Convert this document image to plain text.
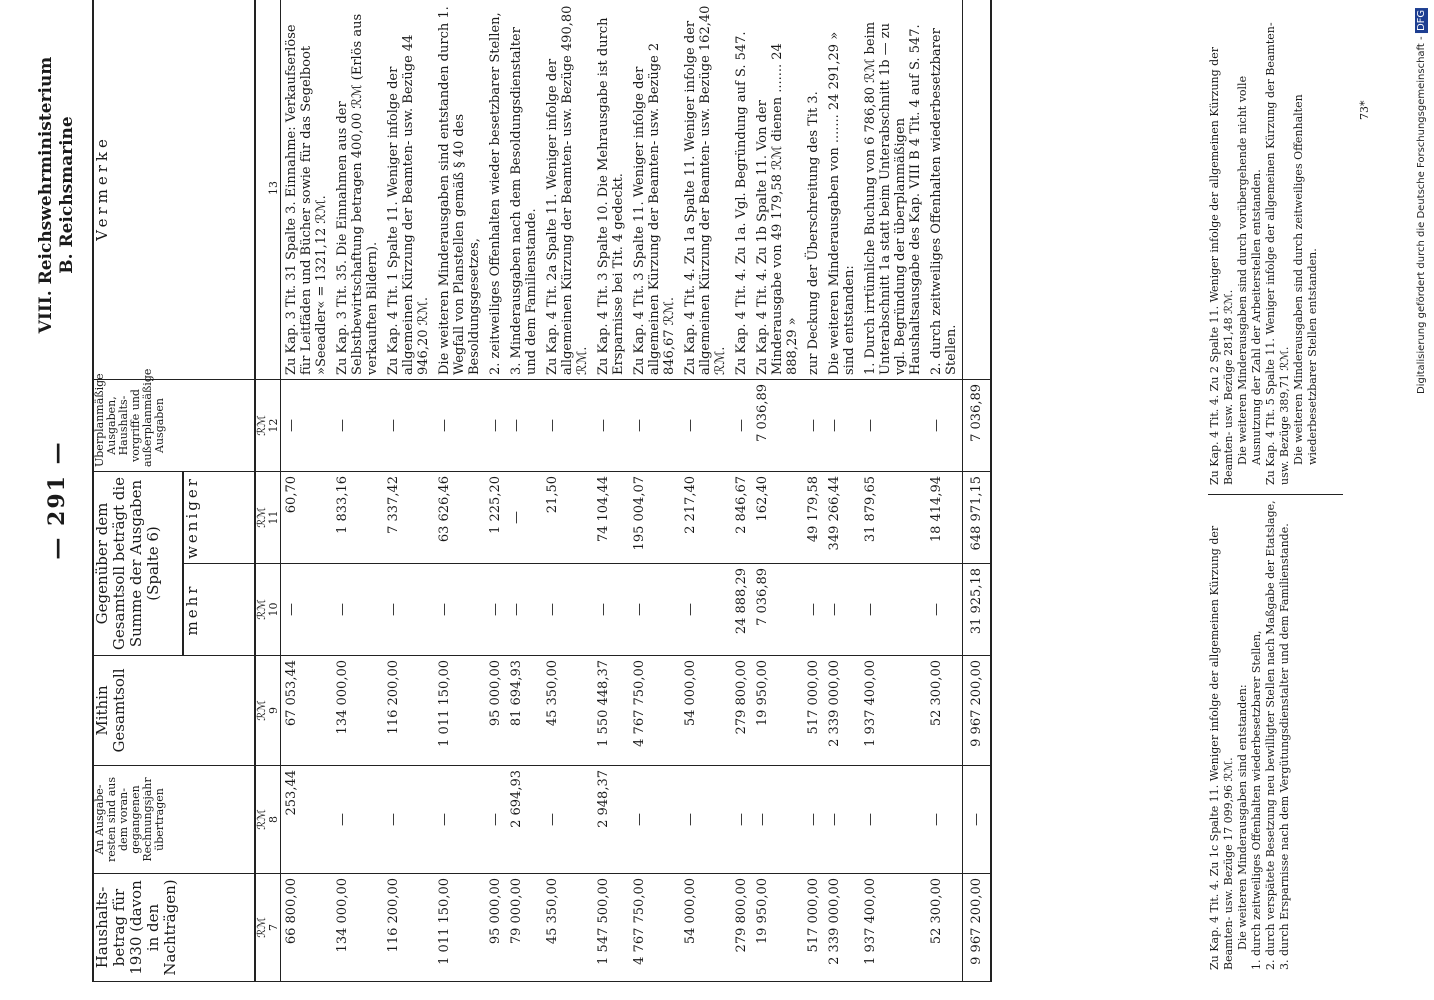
— 291 —
VIII. Reichswehrministerium B. Reichsmarine
Haushalts-betrag für 1930 (davon in den Nachträgen)	An Ausgabe-resten sind aus dem voran-gegangenen Rechnungsjahr übertragen	Mithin Gesamtsoll	Gegenüber dem Gesamtsoll beträgt die Summe der Ausgaben (Spalte 6)		Überplanmäßige Ausgaben, Haushalts-vorgriffe und außerplanmäßige Ausgaben	Vermerke

			mehr	weniger		

ℛℳ
7	ℛℳ
8	ℛℳ
9	ℛℳ
10	ℛℳ
11	ℛℳ
12	13
66 800,00	253,44	67 053,44	—	60,70	—	Zu Kap. 3 Tit. 31 Spalte 3. Einnahme: Verkaufserlöse für Leitfäden und Bücher sowie für das Segelboot »Seeadler« = 1321,12 ℛℳ.
134 000,00	—	134 000,00	—	1 833,16	—	Zu Kap. 3 Tit. 35. Die Einnahmen aus der Selbstbewirtschaftung betragen 400,00 ℛℳ (Erlös aus verkauften Bildern).
116 200,00	—	116 200,00	—	7 337,42	—	Zu Kap. 4 Tit. 1 Spalte 11. Weniger infolge der allgemeinen Kürzung der Beamten- usw. Bezüge 44 946,20 ℛℳ.
1 011 150,00	—	1 011 150,00	—	63 626,46	—	Die weiteren Minderausgaben sind entstanden durch 1. Wegfall von Planstellen gemäß § 40 des Besoldungsgesetzes,
95 000,00	—	95 000,00	—	1 225,20	—	2. zeitweiliges Offenhalten wieder besetzbarer Stellen,
79 000,00	2 694,93	81 694,93	—	—	—	3. Minderausgaben nach dem Besoldungsdienstalter und dem Familienstande.
45 350,00	—	45 350,00	—	21,50	—	Zu Kap. 4 Tit. 2a Spalte 11. Weniger infolge der allgemeinen Kürzung der Beamten- usw. Bezüge 490,80 ℛℳ.
1 547 500,00	2 948,37	1 550 448,37	—	74 104,44	—	Zu Kap. 4 Tit. 3 Spalte 10. Die Mehrausgabe ist durch Ersparnisse bei Tit. 4 gedeckt.
4 767 750,00	—	4 767 750,00	—	195 004,07	—	Zu Kap. 4 Tit. 3 Spalte 11. Weniger infolge der allgemeinen Kürzung der Beamten- usw. Bezüge 2 846,67 ℛℳ.
54 000,00	—	54 000,00	—	2 217,40	—	Zu Kap. 4 Tit. 4. Zu 1a Spalte 11. Weniger infolge der allgemeinen Kürzung der Beamten- usw. Bezüge 162,40 ℛℳ.
279 800,00	—	279 800,00	24 888,29	2 846,67	—	Zu Kap. 4 Tit. 4. Zu 1a. Vgl. Begründung auf S. 547.
19 950,00	—	19 950,00	7 036,89	162,40	7 036,89	Zu Kap. 4 Tit. 4. Zu 1b Spalte 11. Von der Minderausgabe von 49 179,58 ℛℳ dienen ....... 24 888,29 »
517 000,00	—	517 000,00	—	49 179,58	—	zur Deckung der Überschreitung des Tit 3.
2 339 000,00	—	2 339 000,00	—	349 266,44	—	Die weiteren Minderausgaben von ....... 24 291,29 » sind entstanden:
1 937 400,00	—	1 937 400,00	—	31 879,65	—	1. Durch irrtümliche Buchung von 6 786,80 ℛℳ beim Unterabschnitt 1a statt beim Unterabschnitt 1b — zu vgl. Begründung der überplanmäßigen Haushaltsausgabe des Kap. VIII B 4 Tit. 4 auf S. 547.
52 300,00	—	52 300,00	—	18 414,94	—	2. durch zeitweiliges Offenhalten wiederbesetzbarer Stellen.
9 967 200,00	—	9 967 200,00	31 925,18	648 971,15	7 036,89	
Zu Kap. 4 Tit. 4. Zu 1c Spalte 11. Weniger infolge der allgemeinen Kürzung der Beamten- usw. Bezüge 17 099,96 ℛℳ. Die weiteren Minderausgaben sind entstanden: 1. durch zeitweiliges Offenhalten wiederbesetzbarer Stellen, 2. durch verspätete Besetzung neu bewilligter Stellen nach Maßgabe der Etatslage, 3. durch Ersparnisse nach dem Vergütungsdienstalter und dem Familienstande.
Zu Kap. 4 Tit. 4. Zu 2 Spalte 11. Weniger infolge der allgemeinen Kürzung der Beamten- usw. Bezüge 281,48 ℛℳ. Die weiteren Minderausgaben sind durch vorübergehende nicht volle Ausnutzung der Zahl der Arbeiterstellen entstanden. Zu Kap. 4 Tit. 5 Spalte 11. Weniger infolge der allgemeinen Kürzung der Beamten- usw. Bezüge 389,71 ℛℳ. Die weiteren Minderausgaben sind durch zeitweiliges Offenhalten wiederbesetzbarer Stellen entstanden.
73*	Digitalisierung gefördert durch die Deutsche Forschungsgemeinschaft - DFG
